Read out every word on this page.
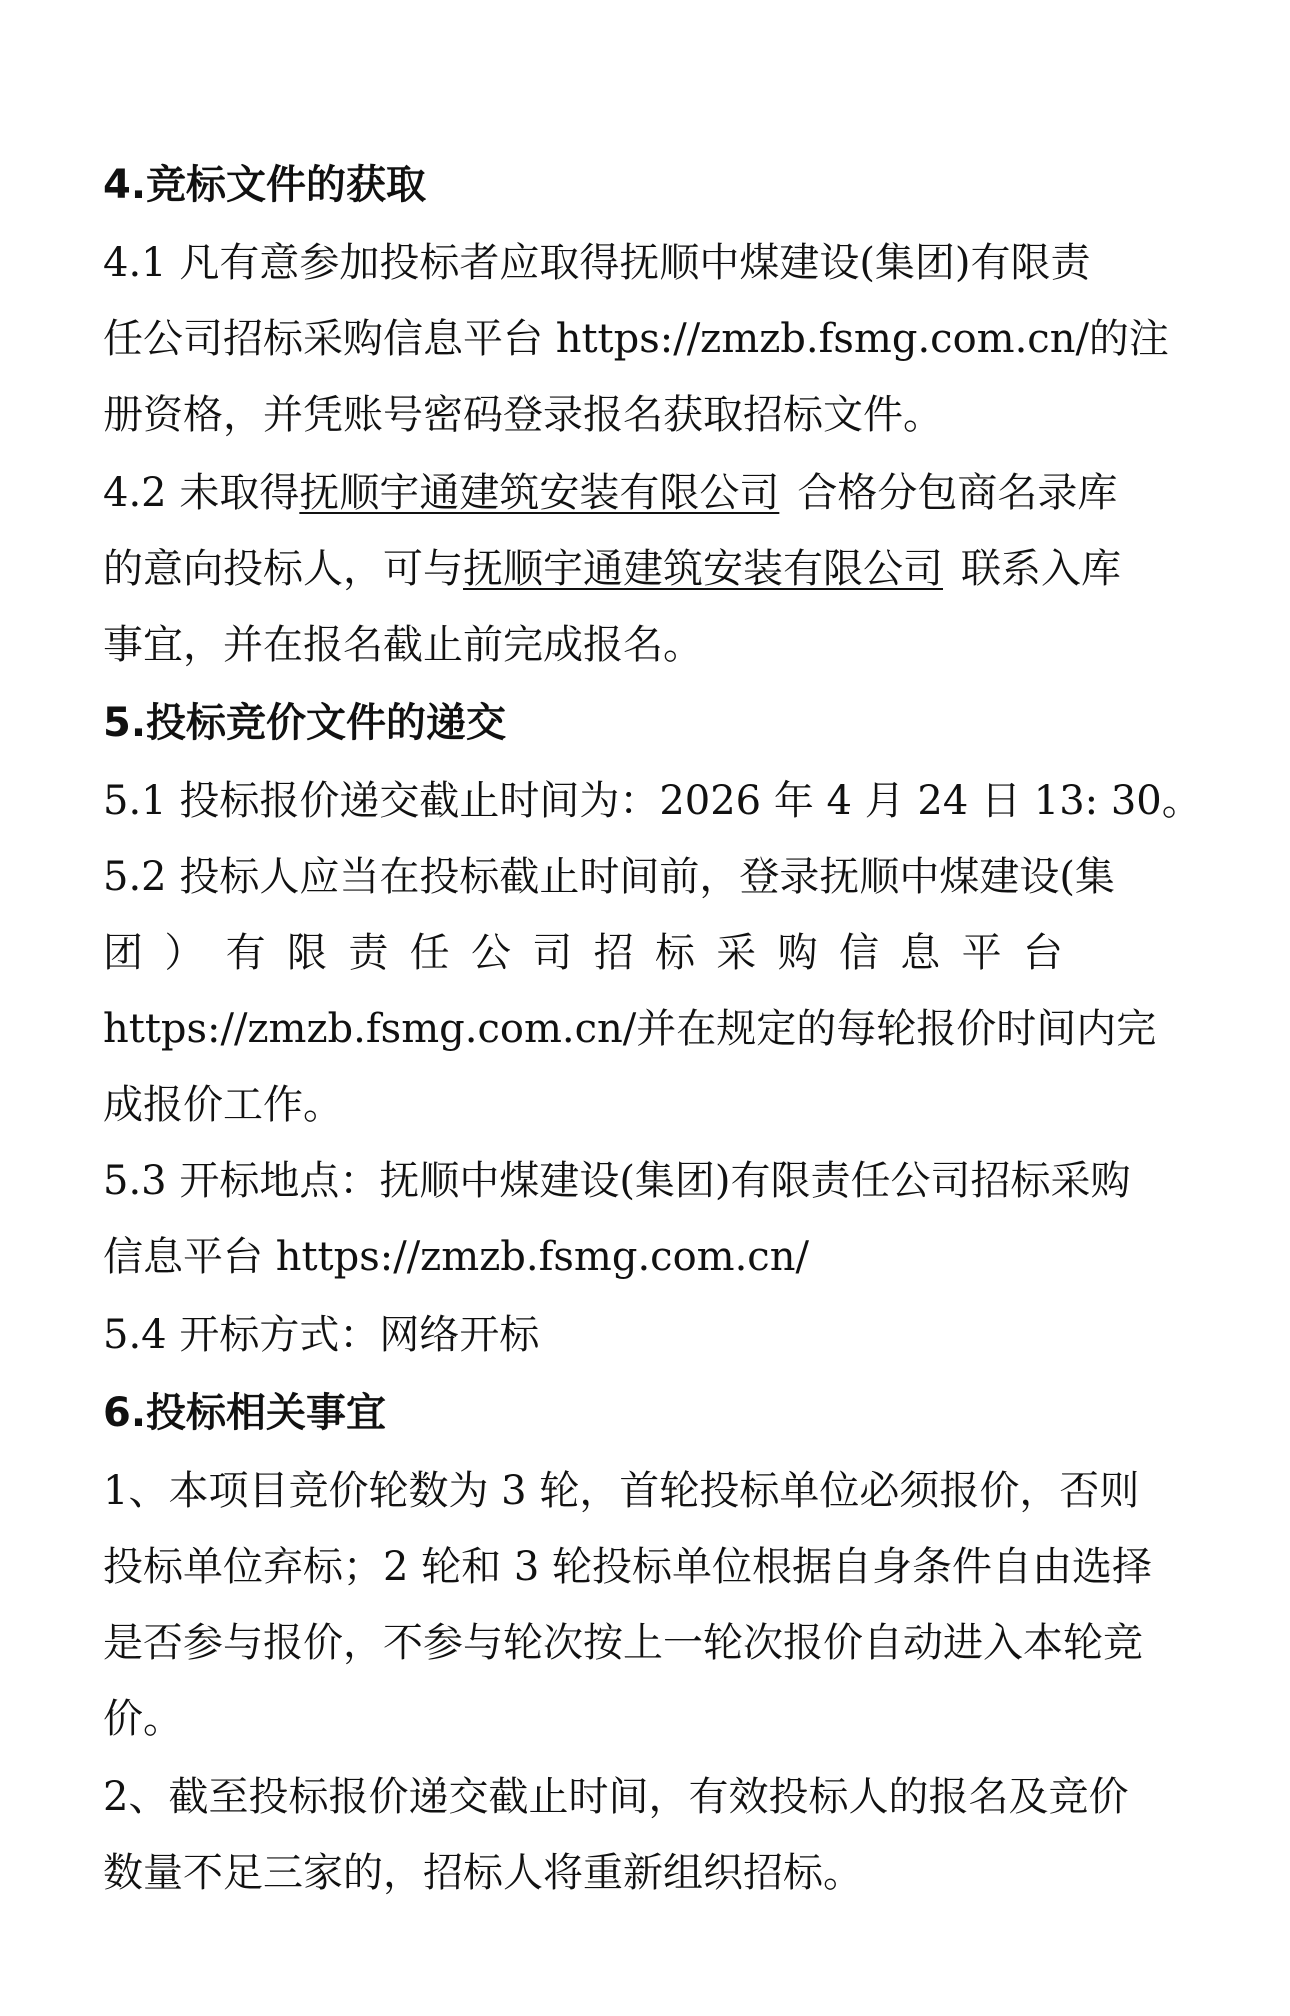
4.竞标文件的获取
4.1 凡有意参加投标者应取得抚顺中煤建设(集团)有限责
任公司招标采购信息平台 https://zmzb.fsmg.com.cn/的注
册资格，并凭账号密码登录报名获取招标文件。
4.2 未取得抚顺宇通建筑安装有限公司 合格分包商名录库
的意向投标人，可与抚顺宇通建筑安装有限公司 联系入库
事宜，并在报名截止前完成报名。
5.投标竞价文件的递交
5.1 投标报价递交截止时间为：2026 年 4 月 24 日 13: 30。
5.2 投标人应当在投标截止时间前，登录抚顺中煤建设(集
团 ） 有 限 责 任 公 司 招 标 采 购 信 息 平 台
https://zmzb.fsmg.com.cn/并在规定的每轮报价时间内完
成报价工作。
5.3 开标地点：抚顺中煤建设(集团)有限责任公司招标采购
信息平台 https://zmzb.fsmg.com.cn/
5.4 开标方式：网络开标
6.投标相关事宜
1、本项目竞价轮数为 3 轮，首轮投标单位必须报价，否则
投标单位弃标；2 轮和 3 轮投标单位根据自身条件自由选择
是否参与报价，不参与轮次按上一轮次报价自动进入本轮竞
价。
2、截至投标报价递交截止时间，有效投标人的报名及竞价
数量不足三家的，招标人将重新组织招标。
